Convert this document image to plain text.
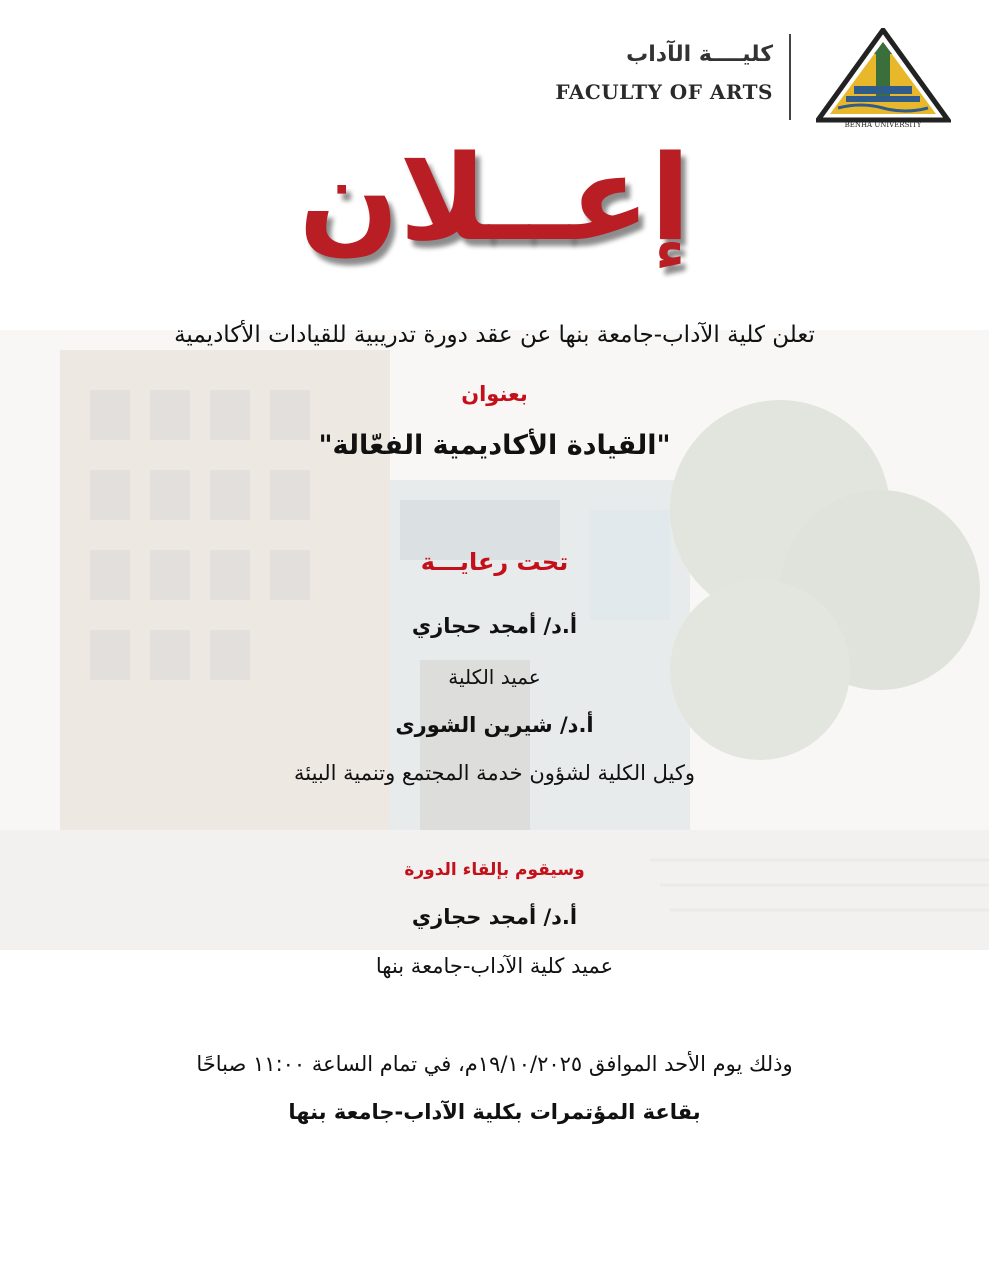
BENHA UNIVERSITY
كليــــة الآداب
FACULTY OF ARTS
إعــلان
تعلن كلية الآداب-جامعة بنها عن عقد دورة تدريبية للقيادات الأكاديمية
بعنوان
"القيادة الأكاديمية الفعّالة"
تحت رعايـــة
أ.د/ أمجد حجازي
عميد الكلية
أ.د/ شيرين الشورى
وكيل الكلية لشؤون خدمة المجتمع وتنمية البيئة
وسيقوم بإلقاء الدورة
أ.د/ أمجد حجازي
عميد كلية الآداب-جامعة بنها
وذلك يوم الأحد الموافق ١٩/١٠/٢٠٢٥م، في تمام الساعة ١١:٠٠ صباحًا
بقاعة المؤتمرات بكلية الآداب-جامعة بنها
